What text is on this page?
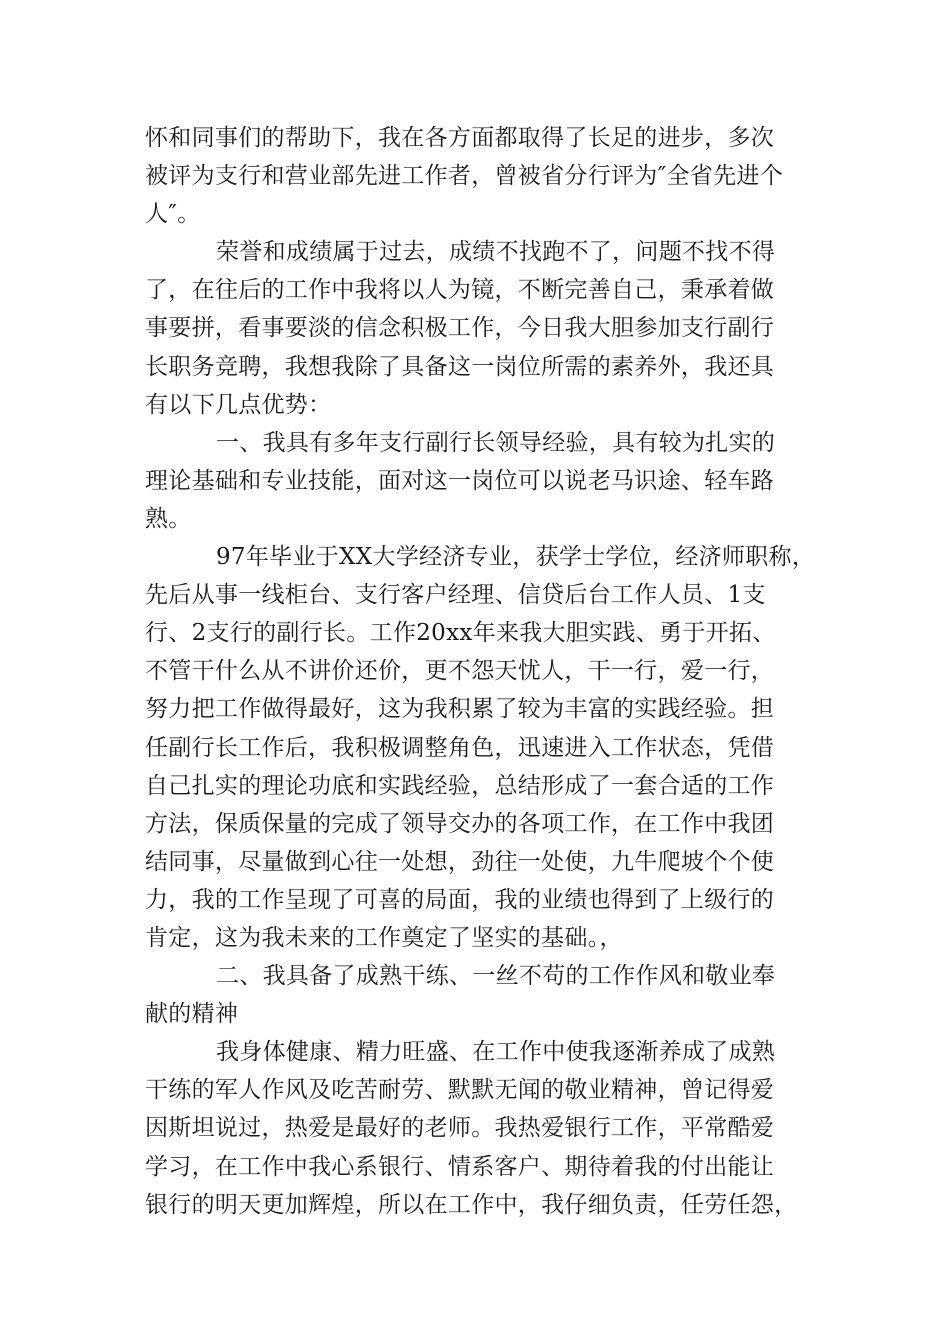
怀和同事们的帮助下，我在各方面都取得了长足的进步，多次
被评为支行和营业部先进工作者，曾被省分行评为″全省先进个
人″。
荣誉和成绩属于过去，成绩不找跑不了，问题不找不得
了，在往后的工作中我将以人为镜，不断完善自己，秉承着做
事要拼，看事要淡的信念积极工作，今日我大胆参加支行副行
长职务竞聘，我想我除了具备这一岗位所需的素养外，我还具
有以下几点优势：
一、我具有多年支行副行长领导经验，具有较为扎实的
理论基础和专业技能，面对这一岗位可以说老马识途、轻车路
熟。
97年毕业于XX大学经济专业，获学士学位，经济师职称，
先后从事一线柜台、支行客户经理、信贷后台工作人员、1支
行、2支行的副行长。工作20xx年来我大胆实践、勇于开拓、
不管干什么从不讲价还价，更不怨天忧人，干一行，爱一行，
努力把工作做得最好，这为我积累了较为丰富的实践经验。担
任副行长工作后，我积极调整角色，迅速进入工作状态，凭借
自己扎实的理论功底和实践经验，总结形成了一套合适的工作
方法，保质保量的完成了领导交办的各项工作，在工作中我团
结同事，尽量做到心往一处想，劲往一处使，九牛爬坡个个使
力，我的工作呈现了可喜的局面，我的业绩也得到了上级行的
肯定，这为我未来的工作奠定了坚实的基础。，
二、我具备了成熟干练、一丝不苟的工作作风和敬业奉
献的精神
我身体健康、精力旺盛、在工作中使我逐渐养成了成熟
干练的军人作风及吃苦耐劳、默默无闻的敬业精神，曾记得爱
因斯坦说过，热爱是最好的老师。我热爱银行工作，平常酷爱
学习，在工作中我心系银行、情系客户、期待着我的付出能让
银行的明天更加辉煌，所以在工作中，我仔细负责，任劳任怨，
